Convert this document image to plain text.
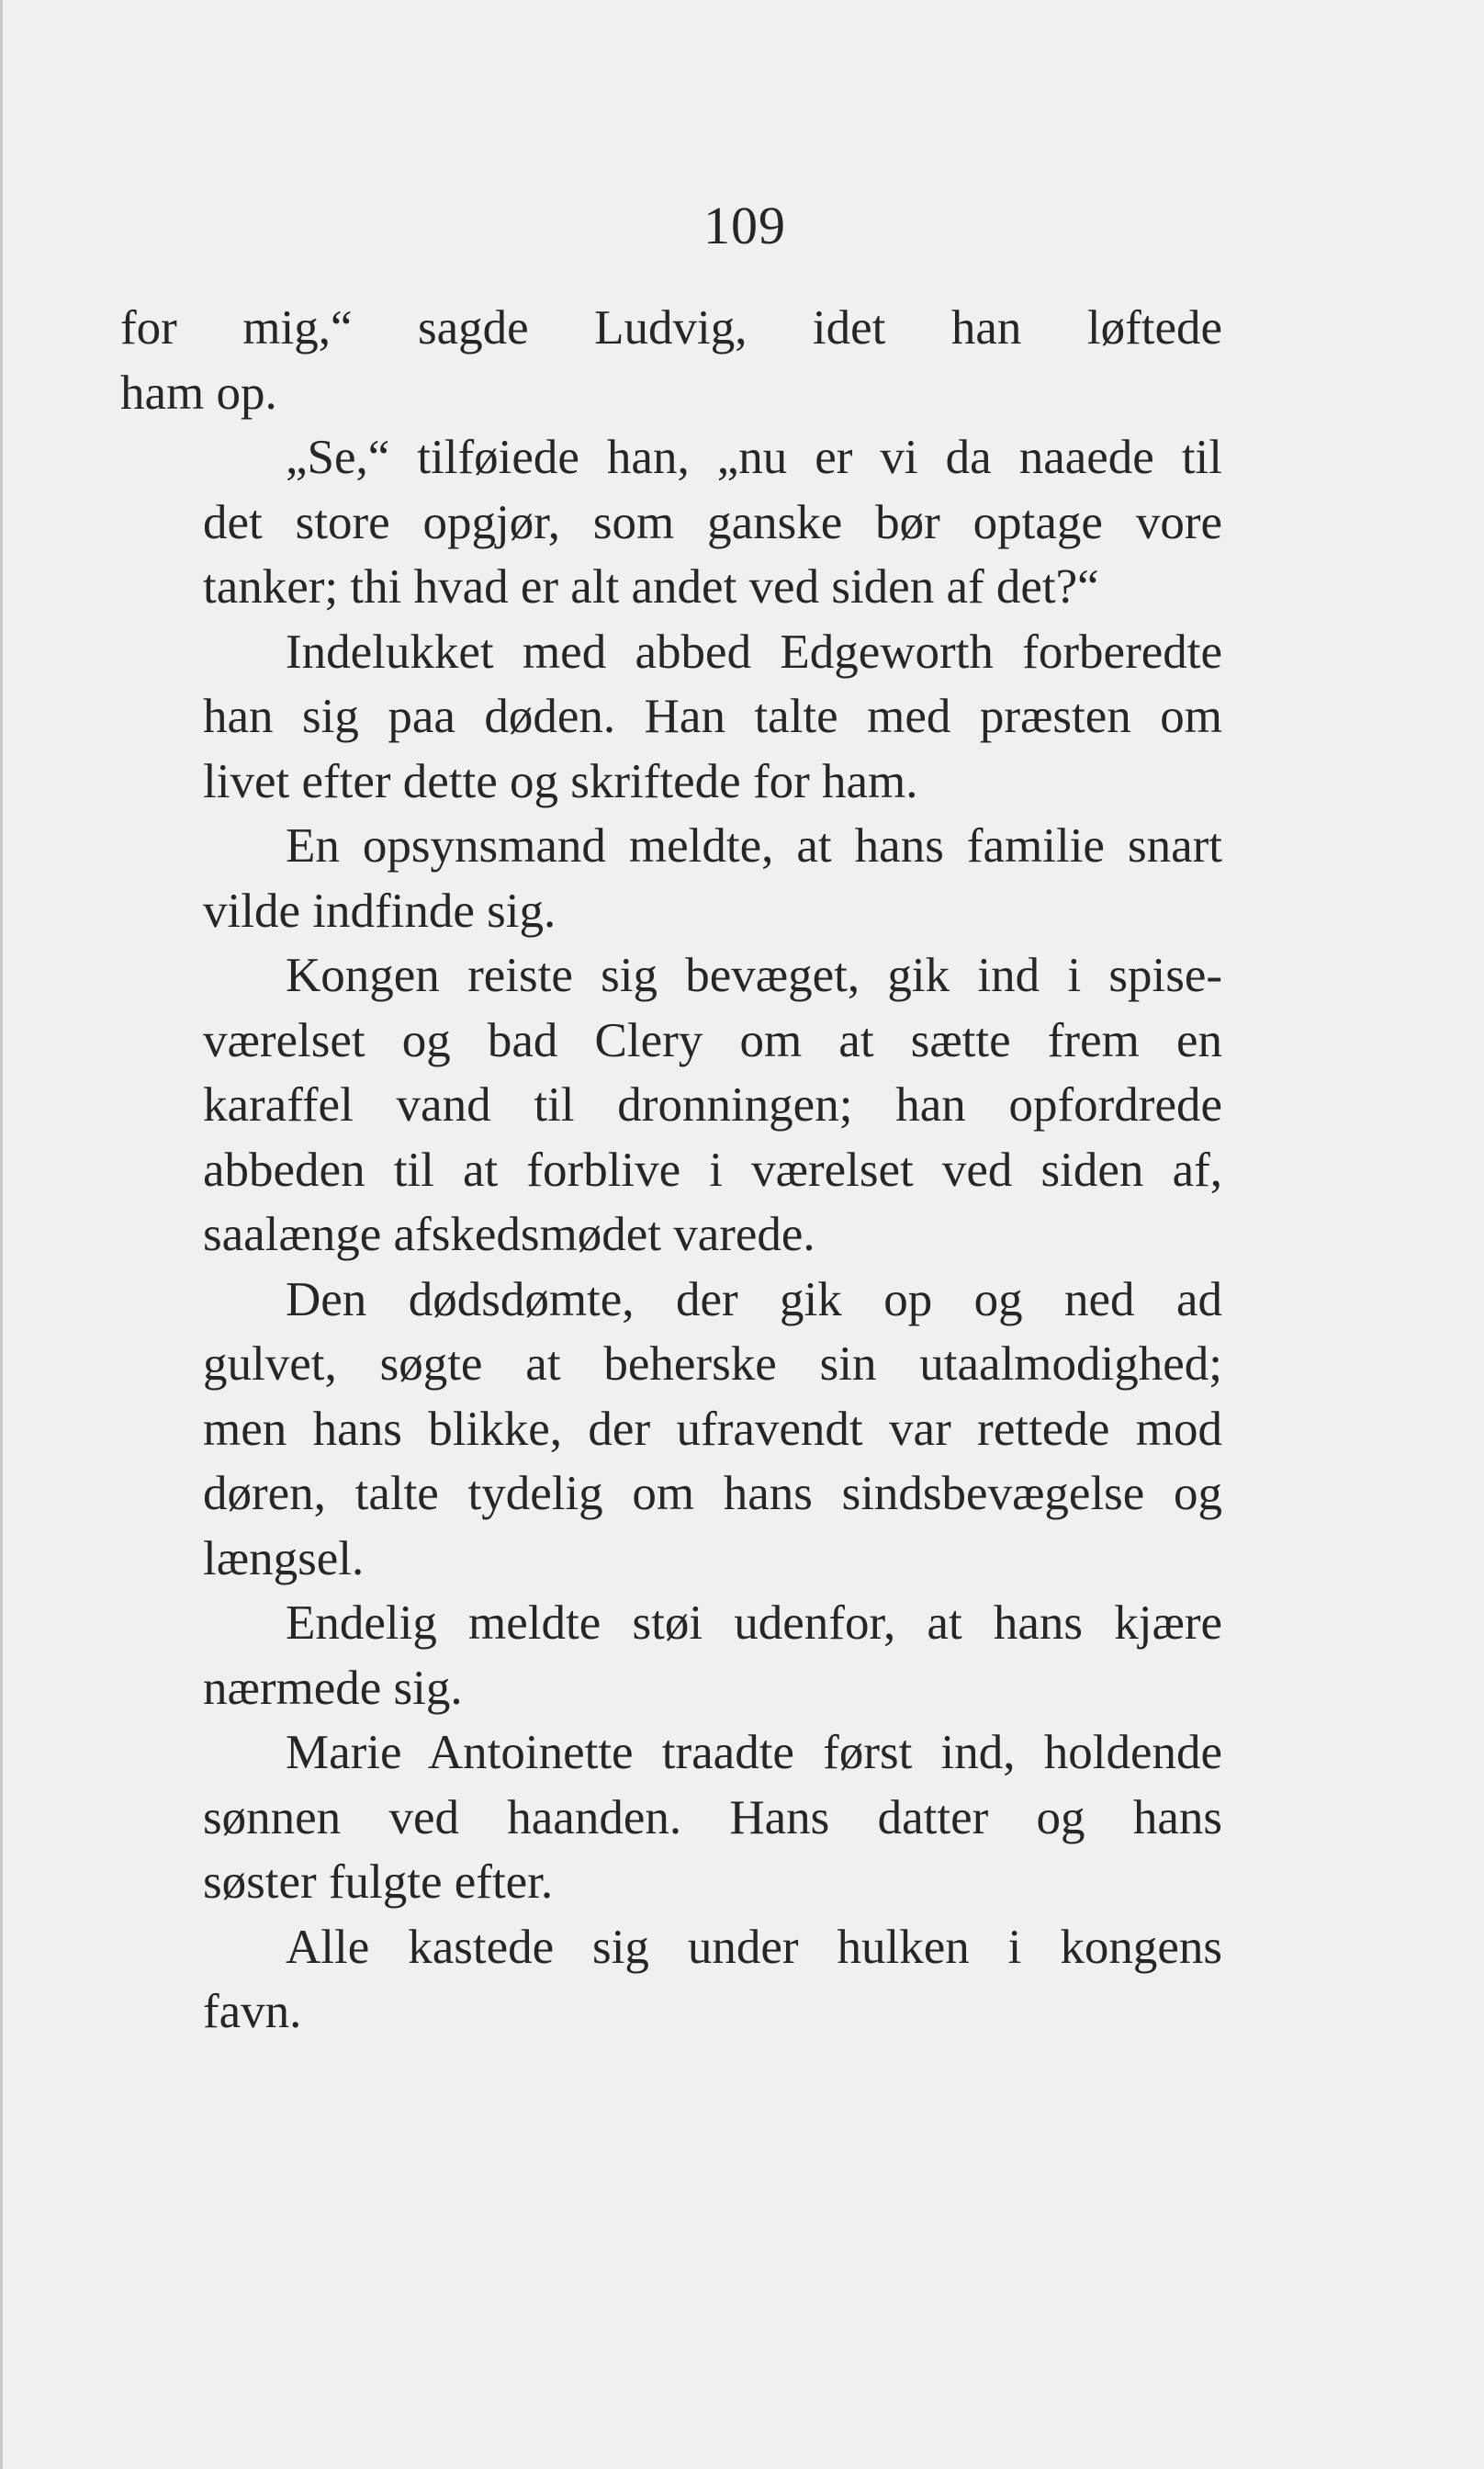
109

for mig,“ sagde Ludvig, idet han løftede
ham op.

„Se,“ tilføiede han, „nu er vi da naaede til
det store opgjør, som ganske bør optage vore
tanker; thi hvad er alt andet ved siden af det?“

Indelukket med abbed Edgeworth forberedte
han sig paa døden. Han talte med præsten om
livet efter dette og skriftede for ham.

En opsynsmand meldte, at hans familie snart
vilde indfinde sig.

Kongen reiste sig bevæget, gik ind i spise-
værelset og bad Clery om at sætte frem en
karaffel vand til dronningen; han opfordrede
abbeden til at forblive i værelset ved siden af,
saalænge afskedsmødet varede.

Den dødsdømte, der gik op og ned ad
gulvet, søgte at beherske sin utaalmodighed;
men hans blikke, der ufravendt var rettede mod
døren, talte tydelig om hans sindsbevægelse og
længsel.

Endelig meldte støi udenfor, at hans kjære
nærmede sig.

Marie Antoinette traadte først ind, holdende
sønnen ved haanden. Hans datter og hans
søster fulgte efter.

Alle kastede sig under hulken i kongens
favn.
